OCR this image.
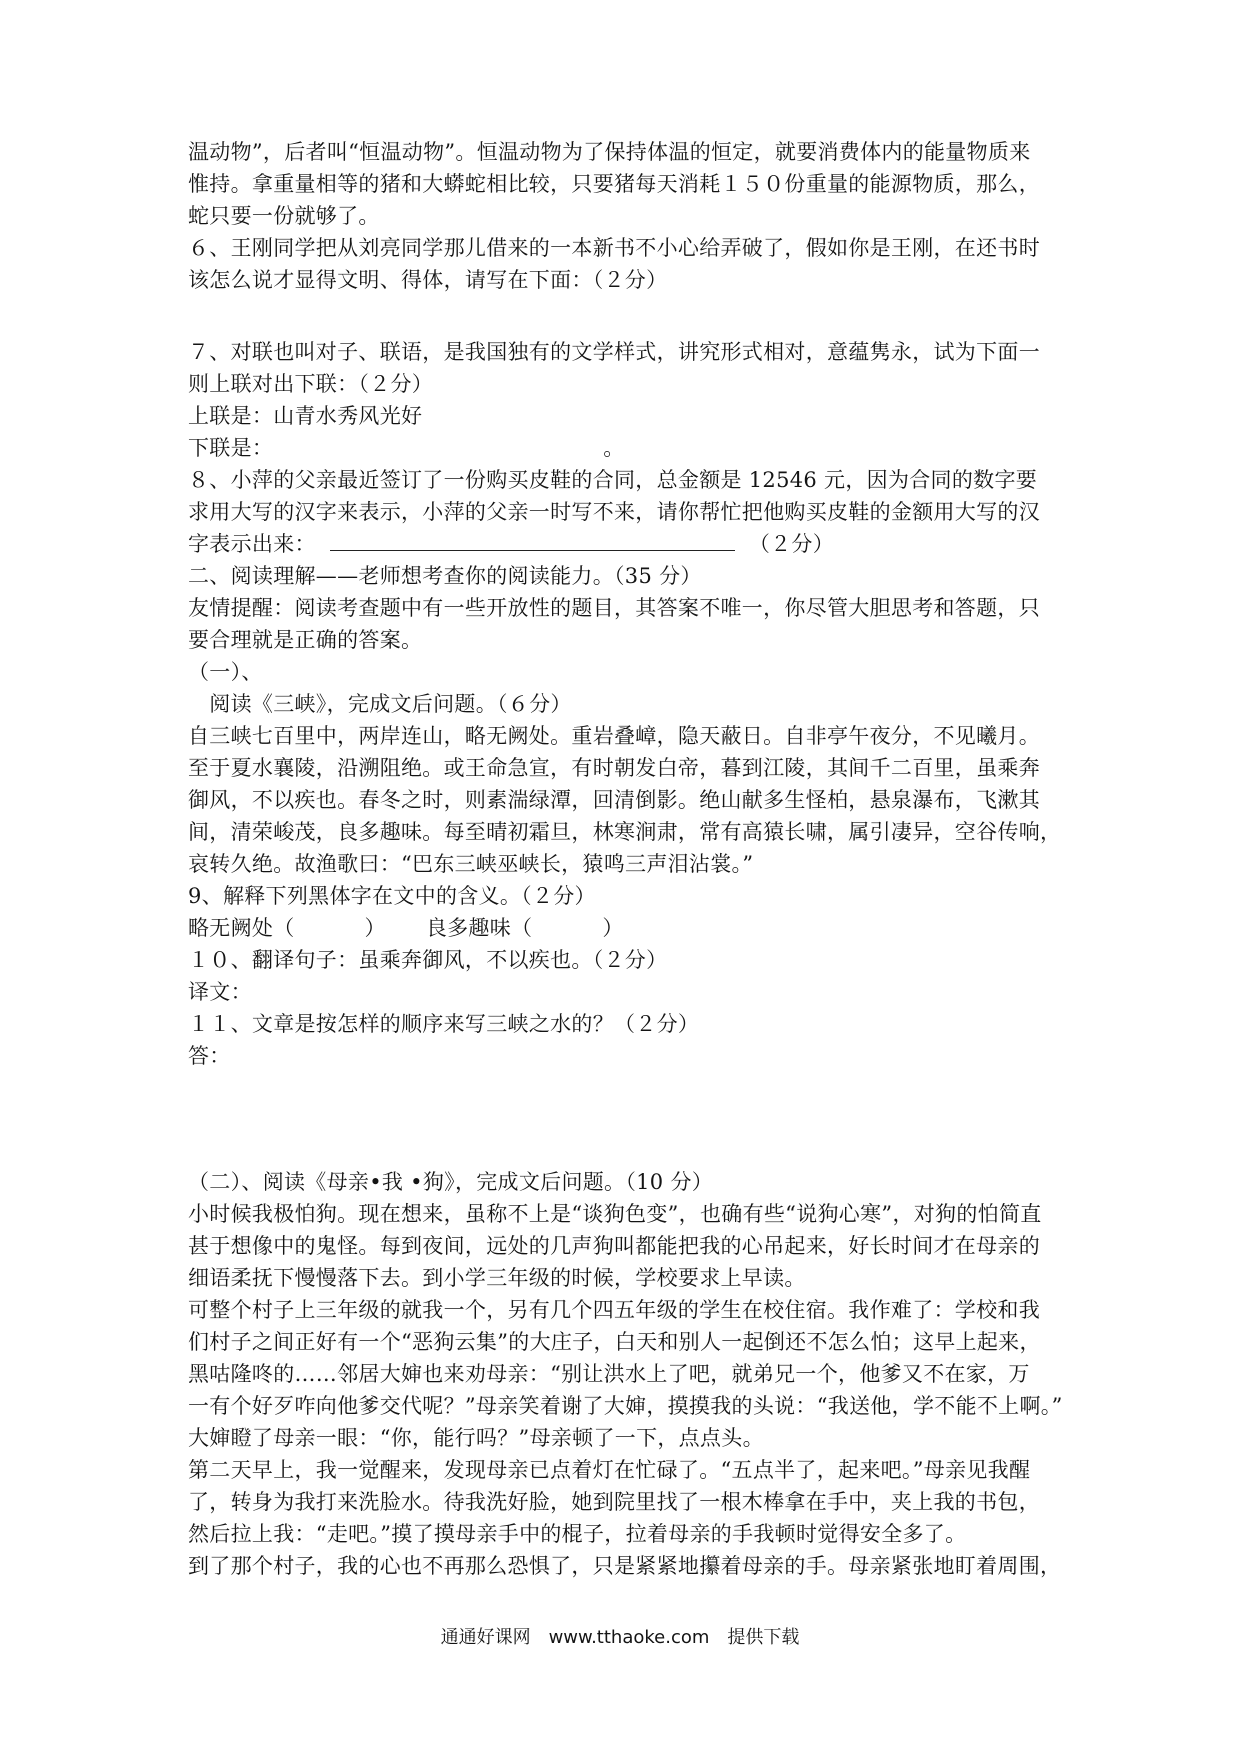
温动物”，后者叫“恒温动物”。恒温动物为了保持体温的恒定，就要消费体内的能量物质来
惟持。拿重量相等的猪和大蟒蛇相比较，只要猪每天消耗１５０份重量的能源物质，那么，
蛇只要一份就够了。
６、王刚同学把从刘亮同学那儿借来的一本新书不小心给弄破了，假如你是王刚，在还书时
该怎么说才显得文明、得体，请写在下面：（２分）
７、对联也叫对子、联语，是我国独有的文学样式，讲究形式相对，意蕴隽永，试为下面一
则上联对出下联：（２分）
上联是：山青水秀风光好
下联是：	。
８、小萍的父亲最近签订了一份购买皮鞋的合同，总金额是 12546 元，因为合同的数字要
求用大写的汉字来表示，小萍的父亲一时写不来，请你帮忙把他购买皮鞋的金额用大写的汉
字表示出来：	（２分）
二、阅读理解——老师想考查你的阅读能力。（35 分）
友情提醒：阅读考查题中有一些开放性的题目，其答案不唯一，你尽管大胆思考和答题，只
要合理就是正确的答案。
（一）、
　阅读《三峡》，完成文后问题。（６分）
自三峡七百里中，两岸连山，略无阙处。重岩叠嶂，隐天蔽日。自非亭午夜分，不见曦月。
至于夏水襄陵，沿溯阻绝。或王命急宣，有时朝发白帝，暮到江陵，其间千二百里，虽乘奔
御风，不以疾也。春冬之时，则素湍绿潭，回清倒影。绝山献多生怪柏，悬泉瀑布，飞漱其
间，清荣峻茂，良多趣味。每至晴初霜旦，林寒涧肃，常有高猿长啸，属引凄异，空谷传响，
哀转久绝。故渔歌曰：“巴东三峡巫峡长，猿鸣三声泪沾裳。”
9、解释下列黑体字在文中的含义。（２分）
略无阙处（	） 良多趣味（	）
１０、翻译句子：虽乘奔御风，不以疾也。（２分）
译文：
１１、文章是按怎样的顺序来写三峡之水的？（２分）
答：
（二）、阅读《母亲•我 •狗》，完成文后问题。（10 分）
小时候我极怕狗。现在想来，虽称不上是“谈狗色变”，也确有些“说狗心寒”，对狗的怕简直
甚于想像中的鬼怪。每到夜间，远处的几声狗叫都能把我的心吊起来，好长时间才在母亲的
细语柔抚下慢慢落下去。到小学三年级的时候，学校要求上早读。
可整个村子上三年级的就我一个，另有几个四五年级的学生在校住宿。我作难了：学校和我
们村子之间正好有一个“恶狗云集”的大庄子，白天和别人一起倒还不怎么怕；这早上起来，
黑咕隆咚的……邻居大婶也来劝母亲：“别让洪水上了吧，就弟兄一个，他爹又不在家，万
一有个好歹咋向他爹交代呢？”母亲笑着谢了大婶，摸摸我的头说：“我送他，学不能不上啊。”
大婶瞪了母亲一眼：“你，能行吗？”母亲顿了一下，点点头。
第二天早上，我一觉醒来，发现母亲已点着灯在忙碌了。“五点半了，起来吧。”母亲见我醒
了，转身为我打来洗脸水。待我洗好脸，她到院里找了一根木棒拿在手中，夹上我的书包，
然后拉上我：“走吧。”摸了摸母亲手中的棍子，拉着母亲的手我顿时觉得安全多了。
到了那个村子，我的心也不再那么恐惧了，只是紧紧地攥着母亲的手。母亲紧张地盯着周围，
通通好课网　www.tthaoke.com　提供下载
